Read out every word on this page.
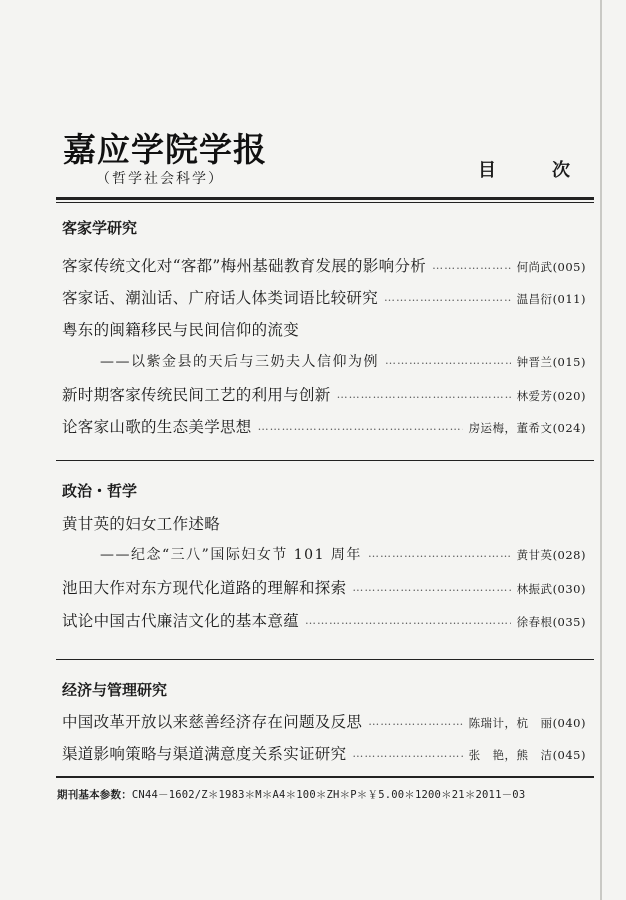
嘉应学院学报
（哲学社会科学）	目	次
客家学研究
客家传统文化对“客都”梅州基础教育发展的影响分析 …………………………………………………………………………………………………………………………	何尚武 (005)
客家话、潮汕话、广府话人体类词语比较研究 …………………………………………………………………………………………………………………………	温昌衍 (011)
粤东的闽籍移民与民间信仰的流变
——以紫金县的天后与三奶夫人信仰为例 …………………………………………………………………………………………………………………………	钟晋兰 (015)
新时期客家传统民间工艺的利用与创新 …………………………………………………………………………………………………………………………	林爱芳 (020)
论客家山歌的生态美学思想 …………………………………………………………………………………………………………………………	房运梅，董希文 (024)
政治・哲学
黄甘英的妇女工作述略
——纪念“三八”国际妇女节 101 周年 …………………………………………………………………………………………………………………………	黄甘英 (028)
池田大作对东方现代化道路的理解和探索 …………………………………………………………………………………………………………………………	林振武 (030)
试论中国古代廉洁文化的基本意蕴 …………………………………………………………………………………………………………………………	徐春根 (035)
经济与管理研究
中国改革开放以来慈善经济存在问题及反思 …………………………………………………………………………………………………………………………	陈瑞计，杭　丽 (040)
渠道影响策略与渠道满意度关系实证研究 …………………………………………………………………………………………………………………………	张　艳，熊　洁 (045)
期刊基本参数：CN44－1602/Z＊1983＊M＊A4＊100＊ZH＊P＊￥5.00＊1200＊21＊2011－03
